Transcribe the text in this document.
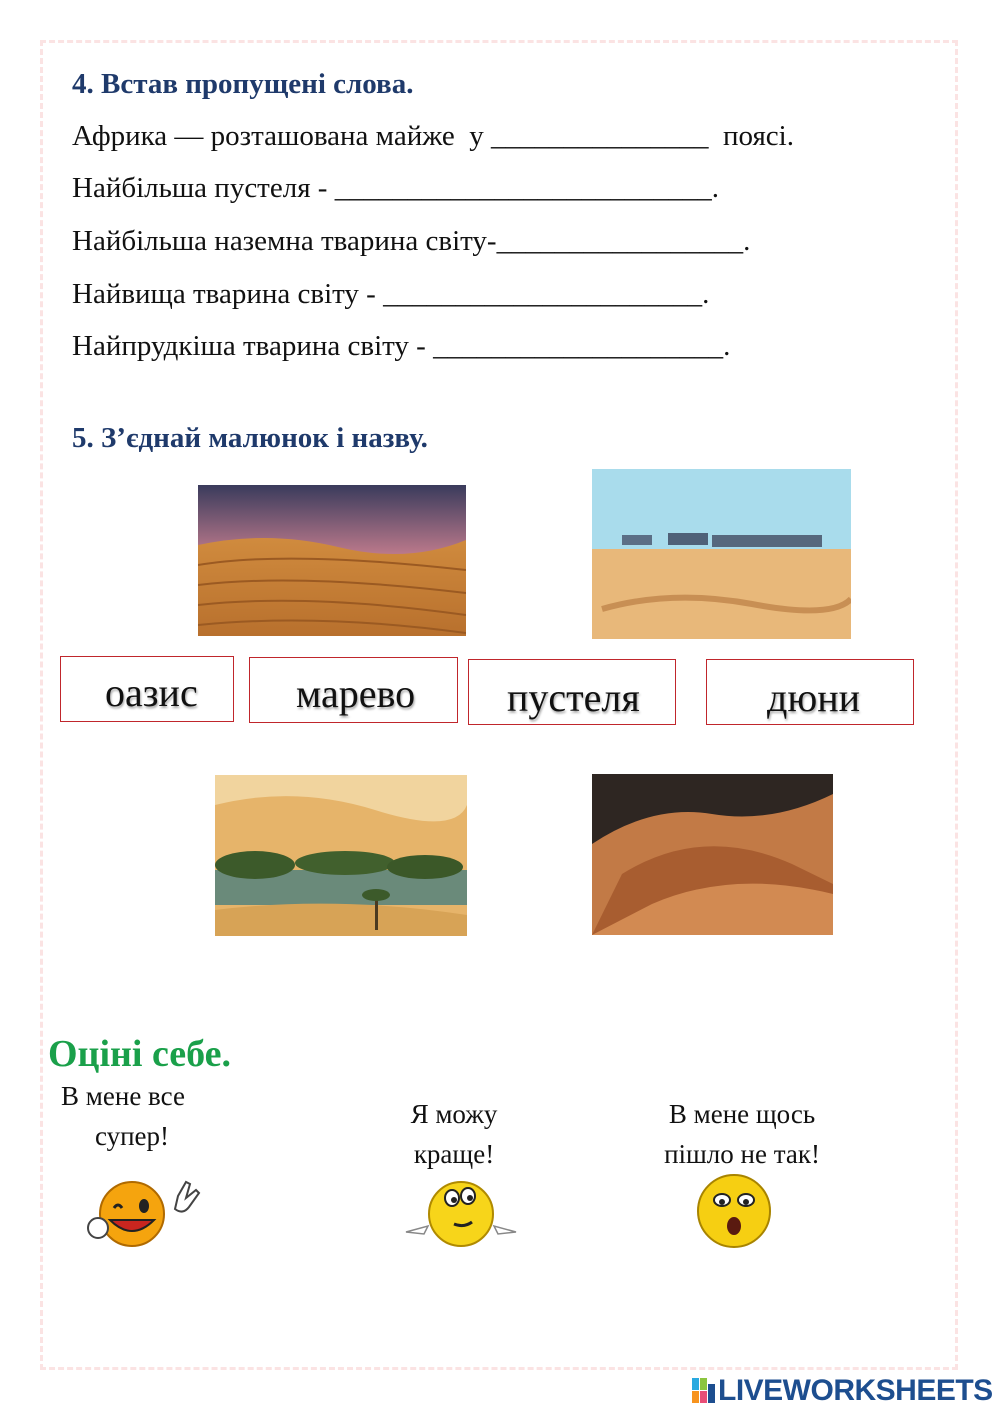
4. Встав пропущені слова.
Африка — розташована майже  у _______________  поясі.
Найбільша пустеля - __________________________.
Найбільша наземна тварина світу-_________________.
Найвища тварина світу - ______________________.
Найпрудкіша тварина світу - ____________________.
5. З’єднай малюнок і назву.
оазис марево пустеля	дюни
Оцінi себе.
В мене все
супер!
Я можу
краще!
В мене щось
пішло не так!
LIVEWORKSHEETS
